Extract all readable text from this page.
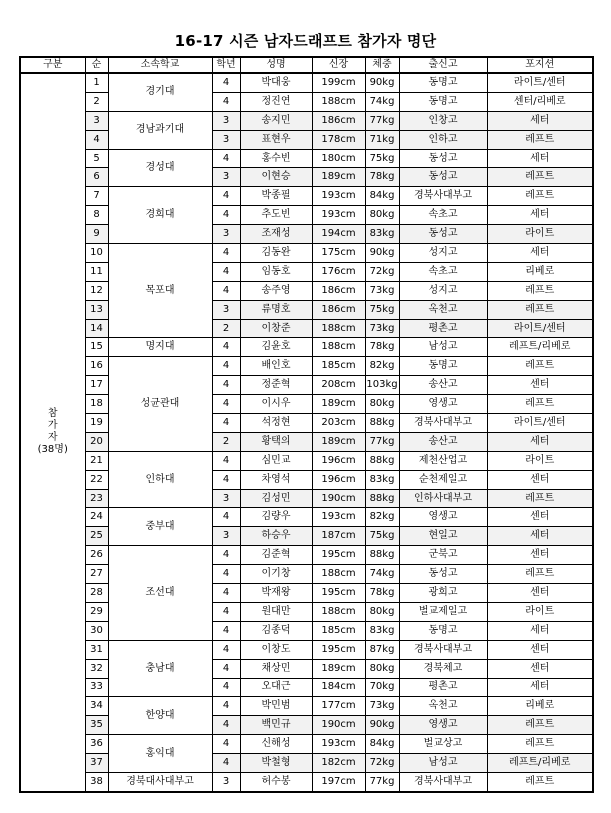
16-17 시즌 남자드래프트 참가자 명단
구분	순	소속학교	학년	성명	신장	체중	출신고	포지션
참
가
자
(38명)	1	경기대	4	박대웅	199cm	90kg	동명고	라이트/센터
	2		4	정진연	188cm	74kg	동명고	센터/리베로
	3	경남과기대	3	송지민	186cm	77kg	인창고	세터
	4		3	표현우	178cm	71kg	인하고	레프트
	5	경성대	4	홍수빈	180cm	75kg	동성고	세터
	6		3	이현승	189cm	78kg	동성고	레프트
	7	경희대	4	박종필	193cm	84kg	경북사대부고	레프트
	8		4	추도빈	193cm	80kg	속초고	세터
	9		3	조재성	194cm	83kg	동성고	라이트
	10	목포대	4	김동완	175cm	90kg	성지고	세터
	11		4	임동호	176cm	72kg	속초고	리베로
	12		4	송주영	186cm	73kg	성지고	레프트
	13		3	류명호	186cm	75kg	옥천고	레프트
	14		2	이창준	188cm	73kg	평촌고	라이트/센터
	15	명지대	4	김윤호	188cm	78kg	남성고	레프트/리베로
	16	성균관대	4	배인호	185cm	82kg	동명고	레프트
	17		4	정준혁	208cm	103kg	송산고	센터
	18		4	이시우	189cm	80kg	영생고	레프트
	19		4	석정현	203cm	88kg	경북사대부고	라이트/센터
	20		2	황택의	189cm	77kg	송산고	세터
	21	인하대	4	심민교	196cm	88kg	제천산업고	라이트
	22		4	차영석	196cm	83kg	순천제일고	센터
	23		3	김성민	190cm	88kg	인하사대부고	레프트
	24	중부대	4	김량우	193cm	82kg	영생고	센터
	25		3	하승우	187cm	75kg	현일고	세터
	26	조선대	4	김준혁	195cm	88kg	군북고	센터
	27		4	이기창	188cm	74kg	동성고	레프트
	28		4	박재왕	195cm	78kg	광희고	센터
	29		4	원대만	188cm	80kg	벌교제일고	라이트
	30		4	김종덕	185cm	83kg	동명고	세터
	31	충남대	4	이창도	195cm	87kg	경북사대부고	센터
	32		4	채상민	189cm	80kg	경북체고	센터
	33		4	오대근	184cm	70kg	평촌고	세터
	34	한양대	4	박민범	177cm	73kg	옥천고	리베로
	35		4	백민규	190cm	90kg	영생고	레프트
	36	홍익대	4	신해성	193cm	84kg	벌교상고	레프트
	37		4	박철형	182cm	72kg	남성고	레프트/리베로
	38	경북대사대부고	3	허수봉	197cm	77kg	경북사대부고	레프트
